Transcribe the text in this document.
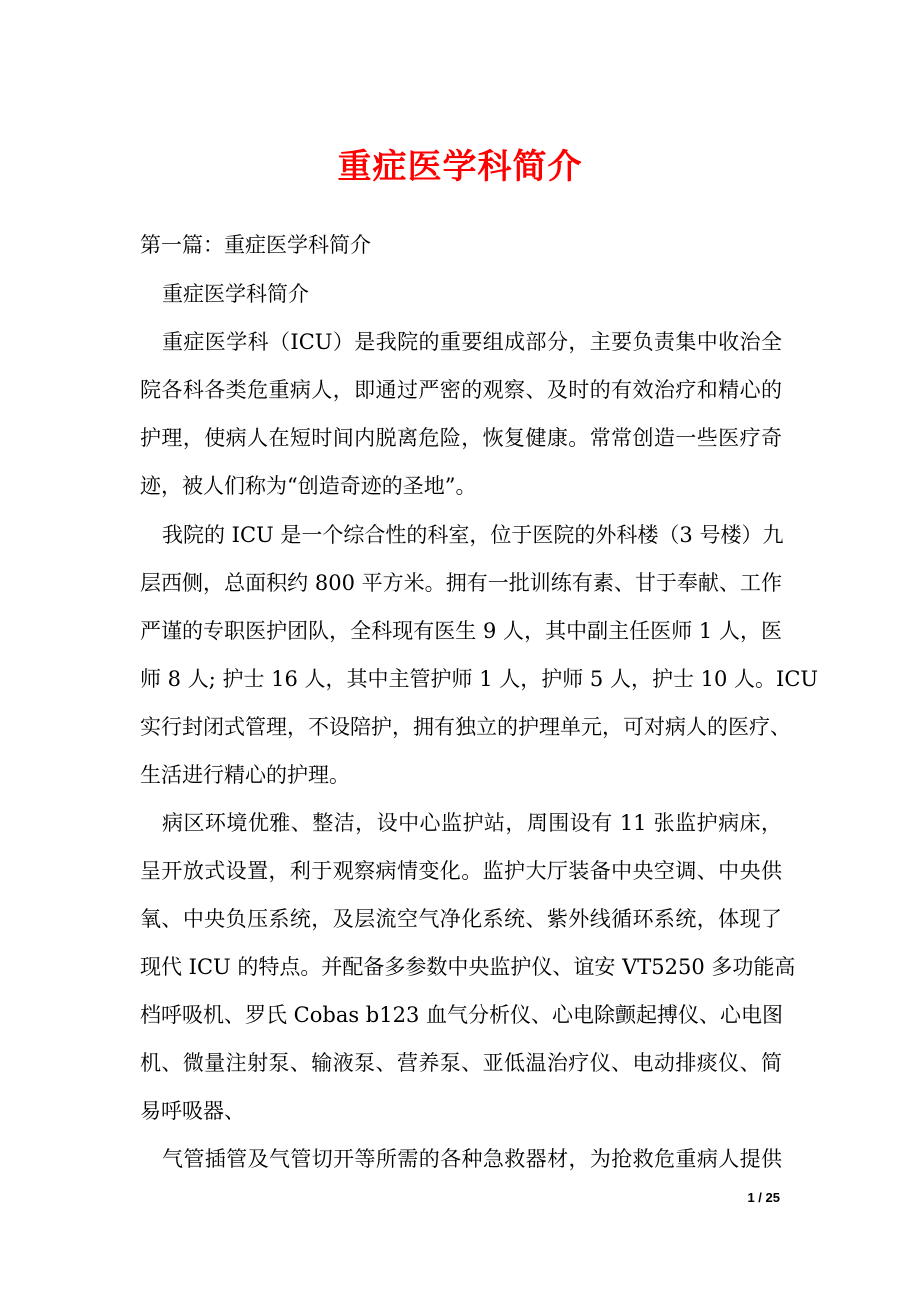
重症医学科简介
第一篇：重症医学科简介
重症医学科简介
重症医学科（ICU）是我院的重要组成部分，主要负责集中收治全
院各科各类危重病人，即通过严密的观察、及时的有效治疗和精心的
护理，使病人在短时间内脱离危险，恢复健康。常常创造一些医疗奇
迹，被人们称为“创造奇迹的圣地”。
我院的 ICU 是一个综合性的科室，位于医院的外科楼（3 号楼）九
层西侧，总面积约 800 平方米。拥有一批训练有素、甘于奉献、工作
严谨的专职医护团队，全科现有医生 9 人，其中副主任医师 1 人，医
师 8 人; 护士 16 人，其中主管护师 1 人，护师 5 人，护士 10 人。ICU
实行封闭式管理，不设陪护，拥有独立的护理单元，可对病人的医疗、
生活进行精心的护理。
病区环境优雅、整洁，设中心监护站，周围设有 11 张监护病床，
呈开放式设置，利于观察病情变化。监护大厅装备中央空调、中央供
氧、中央负压系统，及层流空气净化系统、紫外线循环系统，体现了
现代 ICU 的特点。并配备多参数中央监护仪、谊安 VT5250 多功能高
档呼吸机、罗氏 Cobas b123 血气分析仪、心电除颤起搏仪、心电图
机、微量注射泵、输液泵、营养泵、亚低温治疗仪、电动排痰仪、简
易呼吸器、
气管插管及气管切开等所需的各种急救器材，为抢救危重病人提供
1 / 25
